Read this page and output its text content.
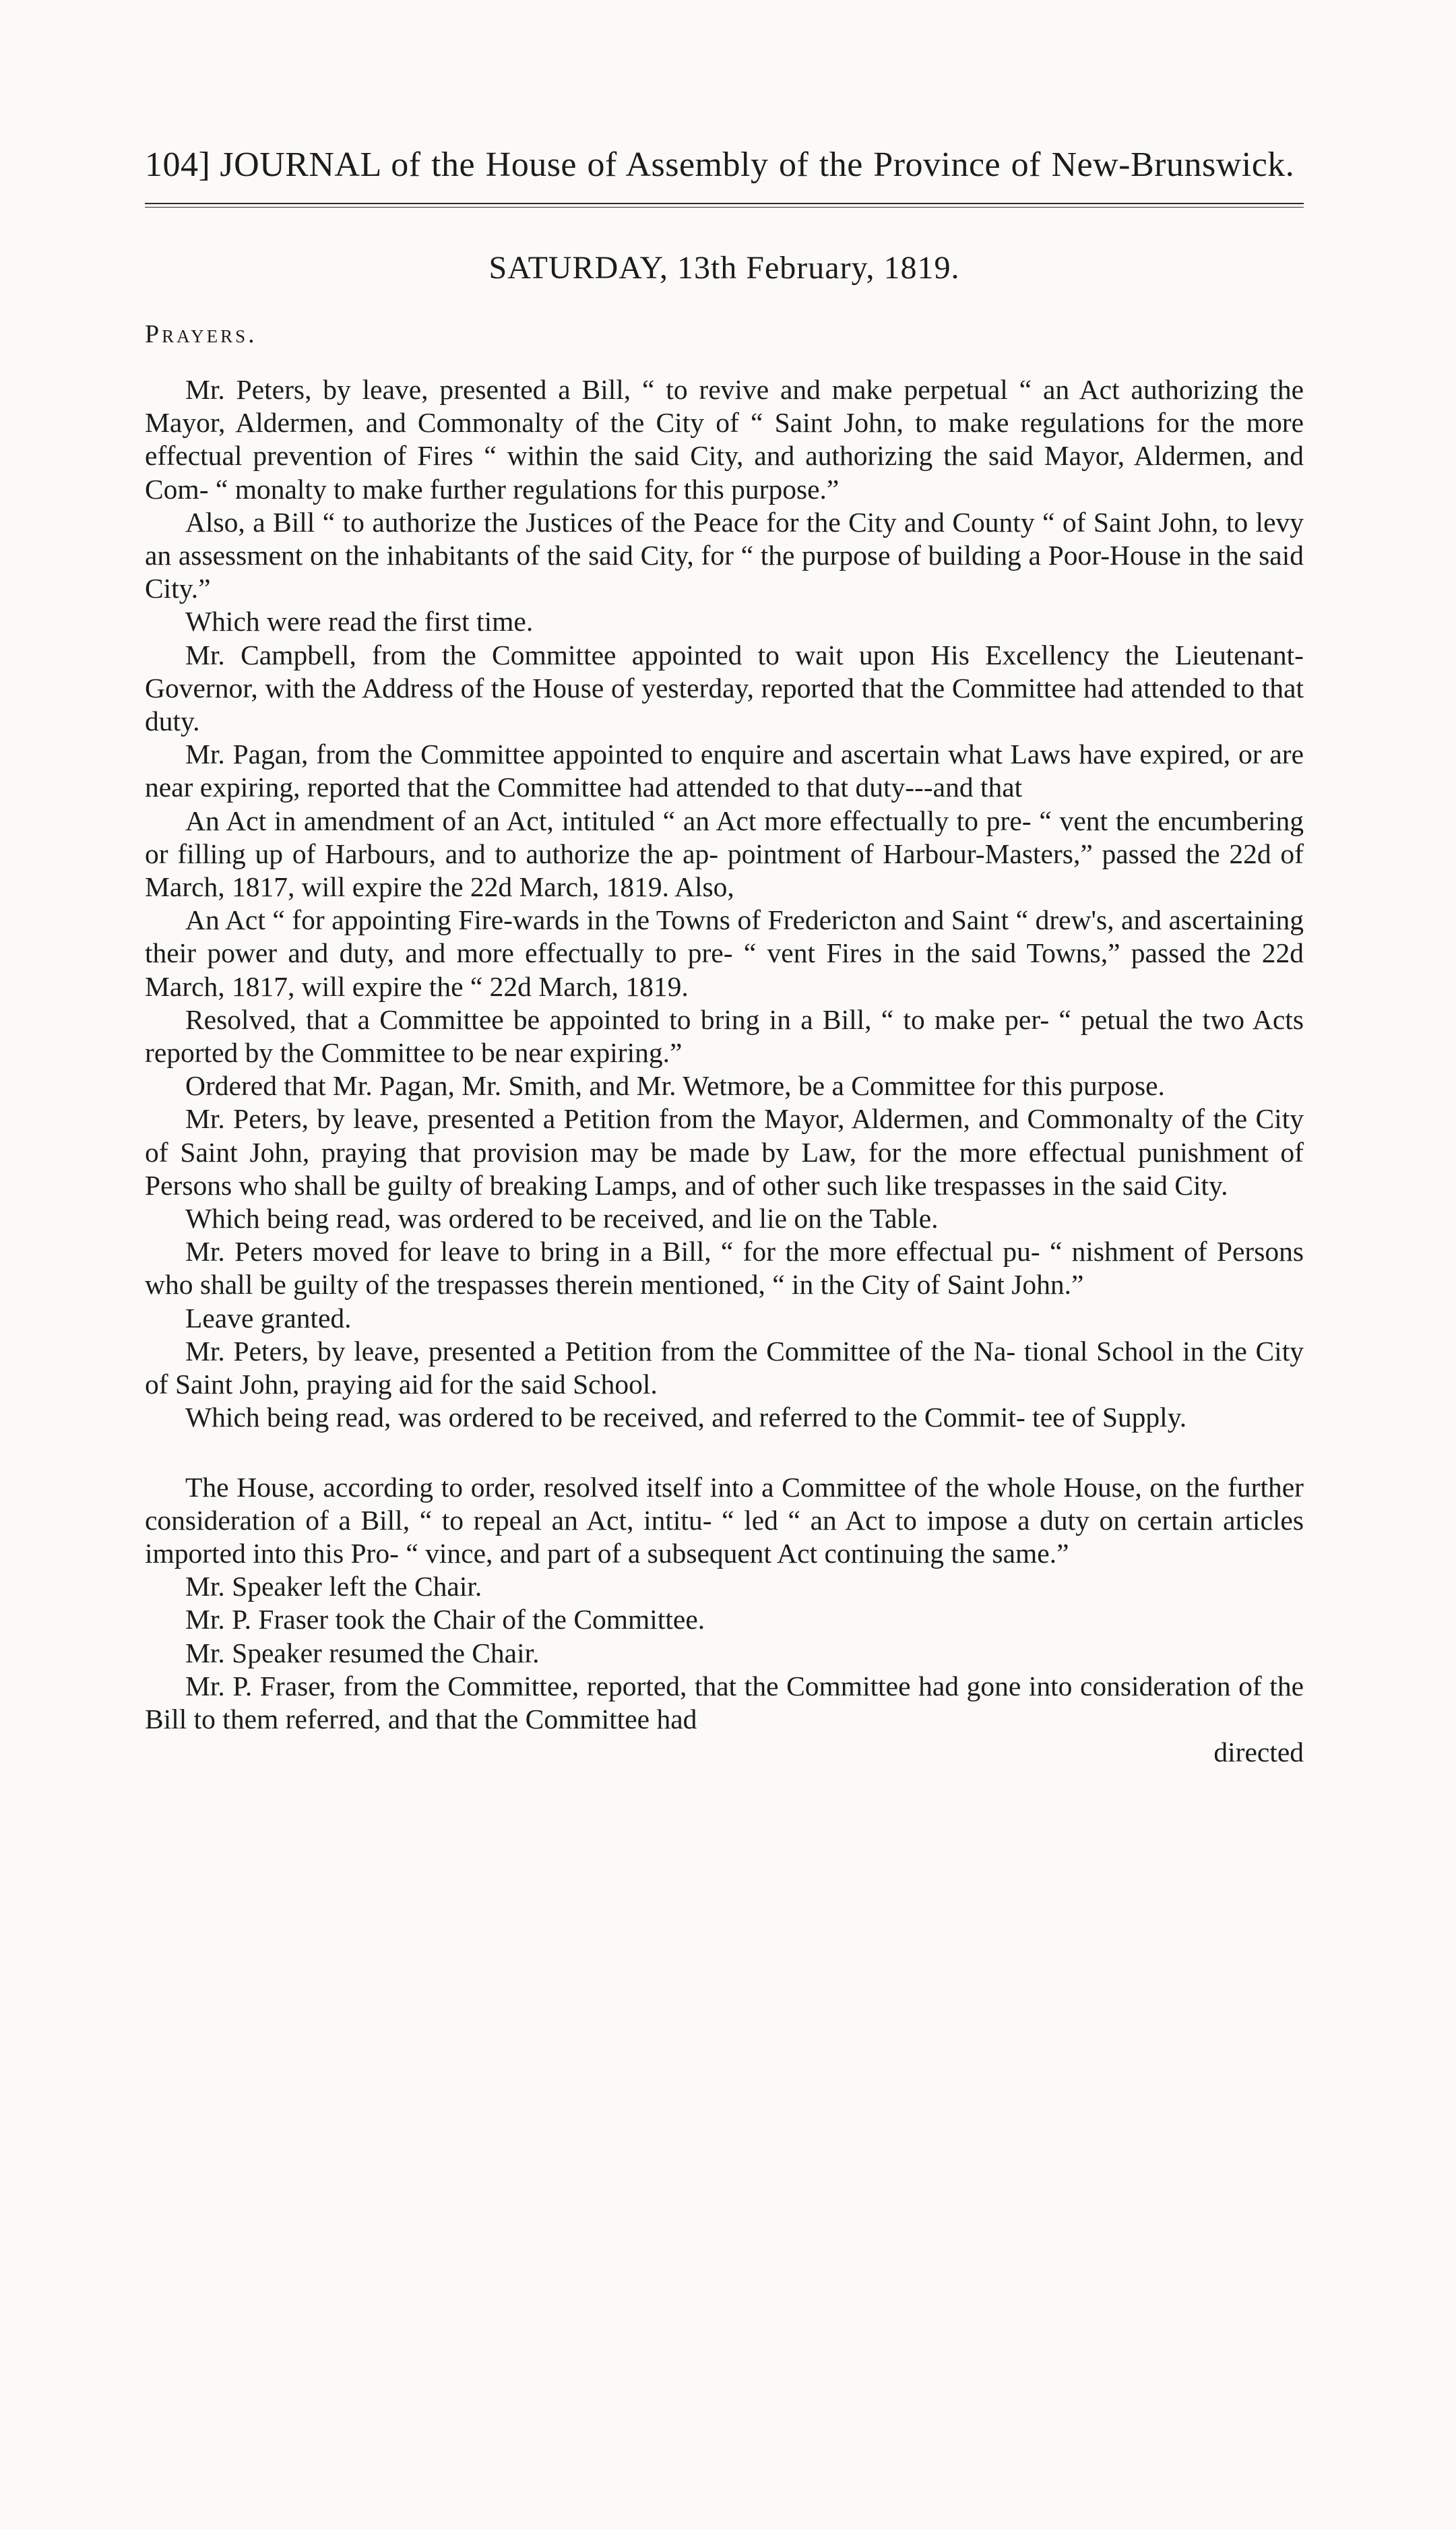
104] JOURNAL of the House of Assembly of the Province of New-Brunswick.
SATURDAY, 13th February, 1819.
Prayers.

Mr. Peters, by leave, presented a Bill, “ to revive and make perpetual “ an Act authorizing the Mayor, Aldermen, and Commonalty of the City of “ Saint John, to make regulations for the more effectual prevention of Fires “ within the said City, and authorizing the said Mayor, Aldermen, and Com- “ monalty to make further regulations for this purpose.”

Also, a Bill “ to authorize the Justices of the Peace for the City and County “ of Saint John, to levy an assessment on the inhabitants of the said City, for “ the purpose of building a Poor-House in the said City.”

Which were read the first time.

Mr. Campbell, from the Committee appointed to wait upon His Excellency the Lieutenant-Governor, with the Address of the House of yesterday, reported that the Committee had attended to that duty.

Mr. Pagan, from the Committee appointed to enquire and ascertain what Laws have expired, or are near expiring, reported that the Committee had attended to that duty---and that

An Act in amendment of an Act, intituled “ an Act more effectually to pre- “ vent the encumbering or filling up of Harbours, and to authorize the ap- pointment of Harbour-Masters,” passed the 22d of March, 1817, will expire the 22d March, 1819. Also,

An Act “ for appointing Fire-wards in the Towns of Fredericton and Saint “ drew's, and ascertaining their power and duty, and more effectually to pre- “ vent Fires in the said Towns,” passed the 22d March, 1817, will expire the “ 22d March, 1819.

Resolved, that a Committee be appointed to bring in a Bill, “ to make per- “ petual the two Acts reported by the Committee to be near expiring.”

Ordered that Mr. Pagan, Mr. Smith, and Mr. Wetmore, be a Committee for this purpose.

Mr. Peters, by leave, presented a Petition from the Mayor, Aldermen, and Commonalty of the City of Saint John, praying that provision may be made by Law, for the more effectual punishment of Persons who shall be guilty of breaking Lamps, and of other such like trespasses in the said City.

Which being read, was ordered to be received, and lie on the Table.

Mr. Peters moved for leave to bring in a Bill, “ for the more effectual pu- “ nishment of Persons who shall be guilty of the trespasses therein mentioned, “ in the City of Saint John.”

Leave granted.

Mr. Peters, by leave, presented a Petition from the Committee of the Na- tional School in the City of Saint John, praying aid for the said School.

Which being read, was ordered to be received, and referred to the Commit- tee of Supply.

The House, according to order, resolved itself into a Committee of the whole House, on the further consideration of a Bill, “ to repeal an Act, intitu- “ led “ an Act to impose a duty on certain articles imported into this Pro- “ vince, and part of a subsequent Act continuing the same.”

Mr. Speaker left the Chair.

Mr. P. Fraser took the Chair of the Committee.

Mr. Speaker resumed the Chair.

Mr. P. Fraser, from the Committee, reported, that the Committee had gone into consideration of the Bill to them referred, and that the Committee had

directed
